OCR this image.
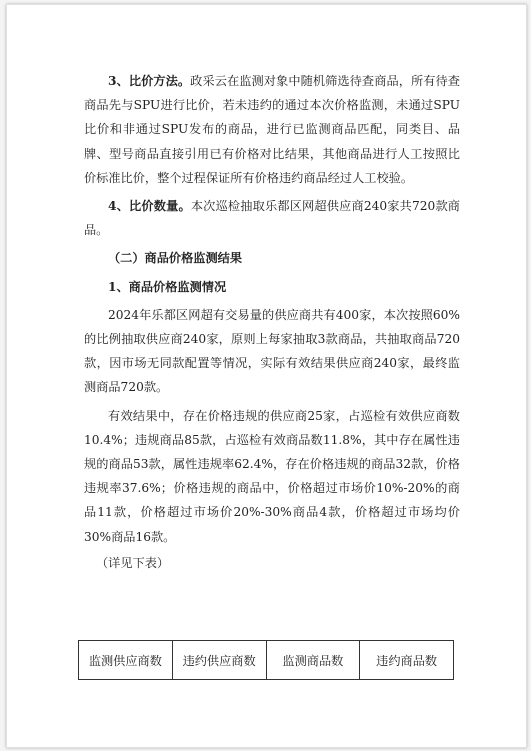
3、比价方法。政采云在监测对象中随机筛选待查商品，所有待查商品先与SPU进行比价，若未违约的通过本次价格监测，未通过SPU比价和非通过SPU发布的商品，进行已监测商品匹配，同类目、品牌、型号商品直接引用已有价格对比结果，其他商品进行人工按照比价标准比价，整个过程保证所有价格违约商品经过人工校验。

4、比价数量。本次巡检抽取乐都区网超供应商240家共720款商品。

（二）商品价格监测结果

1、商品价格监测情况

2024年乐都区网超有交易量的供应商共有400家，本次按照60%的比例抽取供应商240家，原则上每家抽取3款商品，共抽取商品720款，因市场无同款配置等情况，实际有效结果供应商240家，最终监测商品720款。

有效结果中，存在价格违规的供应商25家，占巡检有效供应商数10.4%；违规商品85款，占巡检有效商品数11.8%，其中存在属性违规的商品53款，属性违规率62.4%，存在价格违规的商品32款，价格违规率37.6%；价格违规的商品中，价格超过市场价10%-20%的商品11款，价格超过市场价20%-30%商品4款，价格超过市场均价30%商品16款。

（详见下表）

监测供应商数	违约供应商数	监测商品数	违约商品数
